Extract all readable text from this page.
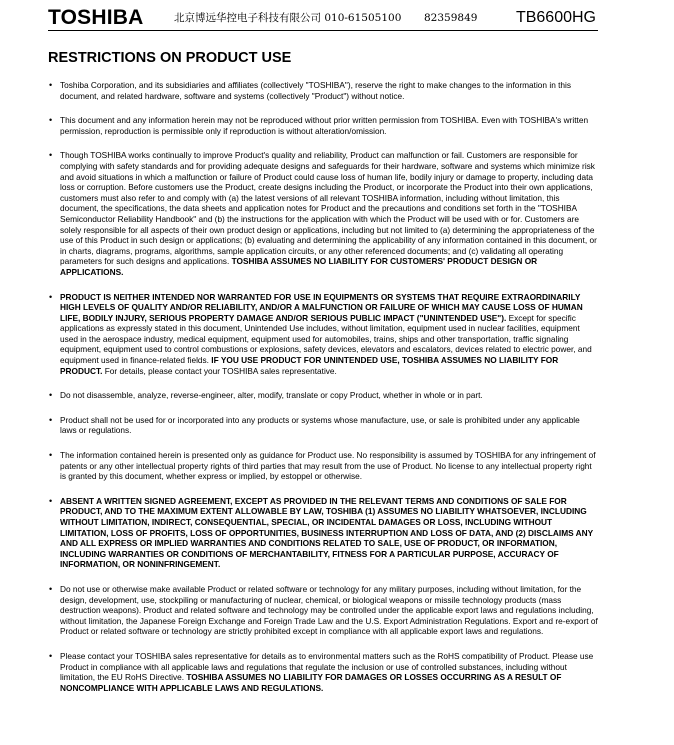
TOSHIBA	北京博远华控电子科技有限公司 010-61505100 82359849 TB6600HG
RESTRICTIONS ON PRODUCT USE
• Toshiba Corporation, and its subsidiaries and affiliates (collectively "TOSHIBA"), reserve the right to make changes to the information in this document, and related hardware, software and systems (collectively "Product") without notice.
• This document and any information herein may not be reproduced without prior written permission from TOSHIBA. Even with TOSHIBA's written permission, reproduction is permissible only if reproduction is without alteration/omission.
• Though TOSHIBA works continually to improve Product's quality and reliability, Product can malfunction or fail. Customers are responsible for complying with safety standards and for providing adequate designs and safeguards for their hardware, software and systems which minimize risk and avoid situations in which a malfunction or failure of Product could cause loss of human life, bodily injury or damage to property, including data loss or corruption. Before customers use the Product, create designs including the Product, or incorporate the Product into their own applications, customers must also refer to and comply with (a) the latest versions of all relevant TOSHIBA information, including without limitation, this document, the specifications, the data sheets and application notes for Product and the precautions and conditions set forth in the "TOSHIBA Semiconductor Reliability Handbook" and (b) the instructions for the application with which the Product will be used with or for. Customers are solely responsible for all aspects of their own product design or applications, including but not limited to (a) determining the appropriateness of the use of this Product in such design or applications; (b) evaluating and determining the applicability of any information contained in this document, or in charts, diagrams, programs, algorithms, sample application circuits, or any other referenced documents; and (c) validating all operating parameters for such designs and applications. TOSHIBA ASSUMES NO LIABILITY FOR CUSTOMERS' PRODUCT DESIGN OR APPLICATIONS.
• PRODUCT IS NEITHER INTENDED NOR WARRANTED FOR USE IN EQUIPMENTS OR SYSTEMS THAT REQUIRE EXTRAORDINARILY HIGH LEVELS OF QUALITY AND/OR RELIABILITY, AND/OR A MALFUNCTION OR FAILURE OF WHICH MAY CAUSE LOSS OF HUMAN LIFE, BODILY INJURY, SERIOUS PROPERTY DAMAGE AND/OR SERIOUS PUBLIC IMPACT ("UNINTENDED USE"). Except for specific applications as expressly stated in this document, Unintended Use includes, without limitation, equipment used in nuclear facilities, equipment used in the aerospace industry, medical equipment, equipment used for automobiles, trains, ships and other transportation, traffic signaling equipment, equipment used to control combustions or explosions, safety devices, elevators and escalators, devices related to electric power, and equipment used in finance-related fields. IF YOU USE PRODUCT FOR UNINTENDED USE, TOSHIBA ASSUMES NO LIABILITY FOR PRODUCT. For details, please contact your TOSHIBA sales representative.
• Do not disassemble, analyze, reverse-engineer, alter, modify, translate or copy Product, whether in whole or in part.
• Product shall not be used for or incorporated into any products or systems whose manufacture, use, or sale is prohibited under any applicable laws or regulations.
• The information contained herein is presented only as guidance for Product use. No responsibility is assumed by TOSHIBA for any infringement of patents or any other intellectual property rights of third parties that may result from the use of Product. No license to any intellectual property right is granted by this document, whether express or implied, by estoppel or otherwise.
• ABSENT A WRITTEN SIGNED AGREEMENT, EXCEPT AS PROVIDED IN THE RELEVANT TERMS AND CONDITIONS OF SALE FOR PRODUCT, AND TO THE MAXIMUM EXTENT ALLOWABLE BY LAW, TOSHIBA (1) ASSUMES NO LIABILITY WHATSOEVER, INCLUDING WITHOUT LIMITATION, INDIRECT, CONSEQUENTIAL, SPECIAL, OR INCIDENTAL DAMAGES OR LOSS, INCLUDING WITHOUT LIMITATION, LOSS OF PROFITS, LOSS OF OPPORTUNITIES, BUSINESS INTERRUPTION AND LOSS OF DATA, AND (2) DISCLAIMS ANY AND ALL EXPRESS OR IMPLIED WARRANTIES AND CONDITIONS RELATED TO SALE, USE OF PRODUCT, OR INFORMATION, INCLUDING WARRANTIES OR CONDITIONS OF MERCHANTABILITY, FITNESS FOR A PARTICULAR PURPOSE, ACCURACY OF INFORMATION, OR NONINFRINGEMENT.
• Do not use or otherwise make available Product or related software or technology for any military purposes, including without limitation, for the design, development, use, stockpiling or manufacturing of nuclear, chemical, or biological weapons or missile technology products (mass destruction weapons). Product and related software and technology may be controlled under the applicable export laws and regulations including, without limitation, the Japanese Foreign Exchange and Foreign Trade Law and the U.S. Export Administration Regulations. Export and re-export of Product or related software or technology are strictly prohibited except in compliance with all applicable export laws and regulations.
• Please contact your TOSHIBA sales representative for details as to environmental matters such as the RoHS compatibility of Product. Please use Product in compliance with all applicable laws and regulations that regulate the inclusion or use of controlled substances, including without limitation, the EU RoHS Directive. TOSHIBA ASSUMES NO LIABILITY FOR DAMAGES OR LOSSES OCCURRING AS A RESULT OF NONCOMPLIANCE WITH APPLICABLE LAWS AND REGULATIONS.
